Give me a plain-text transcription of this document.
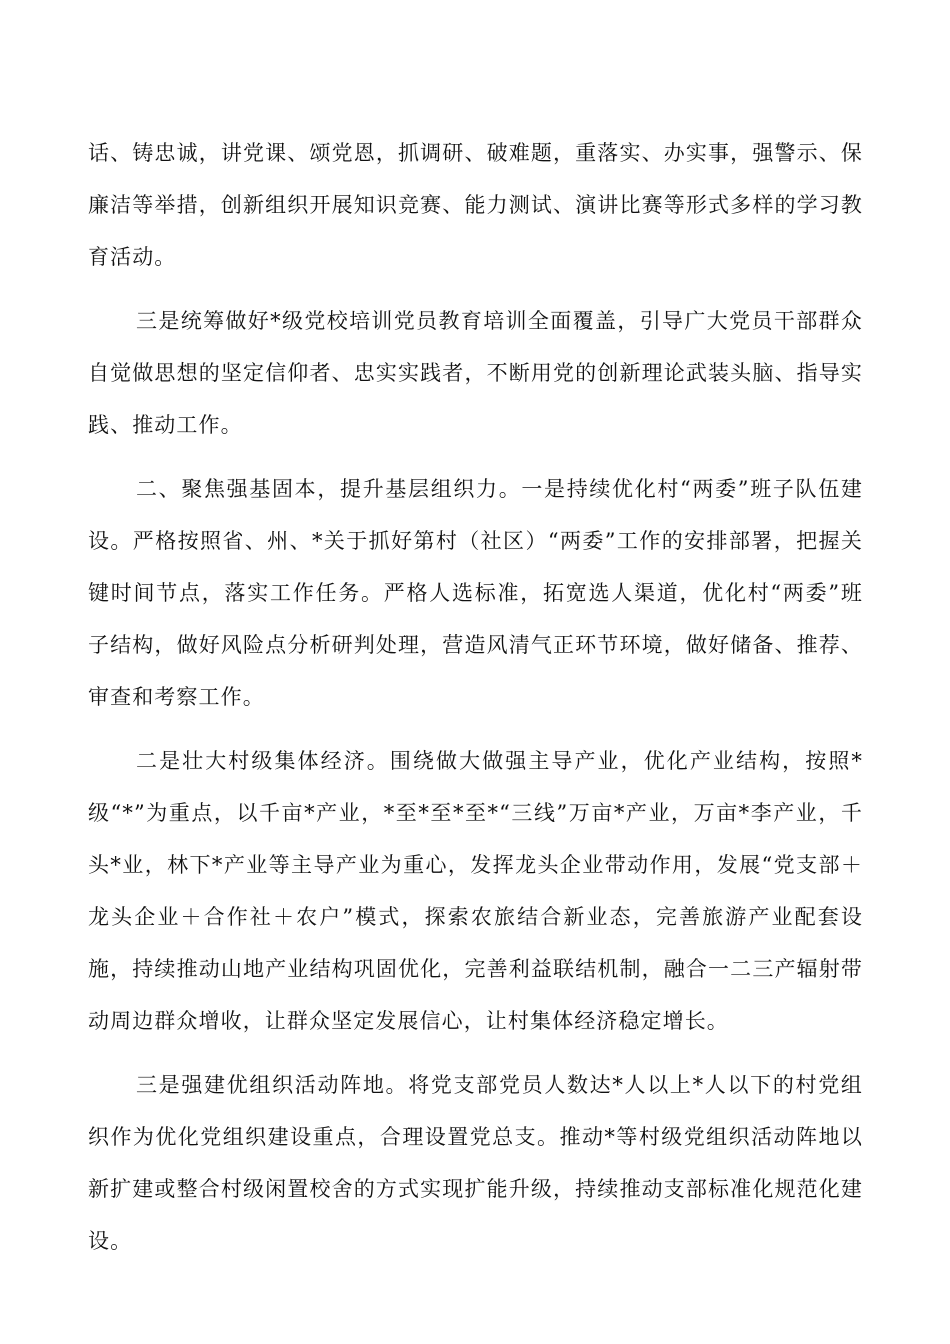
话、铸忠诚，讲党课、颂党恩，抓调研、破难题，重落实、办实事，强警示、保廉洁等举措，创新组织开展知识竞赛、能力测试、演讲比赛等形式多样的学习教育活动。

三是统筹做好*级党校培训党员教育培训全面覆盖，引导广大党员干部群众自觉做思想的坚定信仰者、忠实实践者，不断用党的创新理论武装头脑、指导实践、推动工作。

二、聚焦强基固本，提升基层组织力。一是持续优化村“两委”班子队伍建设。严格按照省、州、*关于抓好第村（社区）“两委”工作的安排部署，把握关键时间节点，落实工作任务。严格人选标准，拓宽选人渠道，优化村“两委”班子结构，做好风险点分析研判处理，营造风清气正环节环境，做好储备、推荐、审查和考察工作。

二是壮大村级集体经济。围绕做大做强主导产业，优化产业结构，按照*级“*”为重点，以千亩*产业，*至*至*至*“三线”万亩*产业，万亩*李产业，千头*业，林下*产业等主导产业为重心，发挥龙头企业带动作用，发展“党支部＋龙头企业＋合作社＋农户”模式，探索农旅结合新业态，完善旅游产业配套设施，持续推动山地产业结构巩固优化，完善利益联结机制，融合一二三产辐射带动周边群众增收，让群众坚定发展信心，让村集体经济稳定增长。

三是强建优组织活动阵地。将党支部党员人数达*人以上*人以下的村党组织作为优化党组织建设重点，合理设置党总支。推动*等村级党组织活动阵地以新扩建或整合村级闲置校舍的方式实现扩能升级，持续推动支部标准化规范化建设。
